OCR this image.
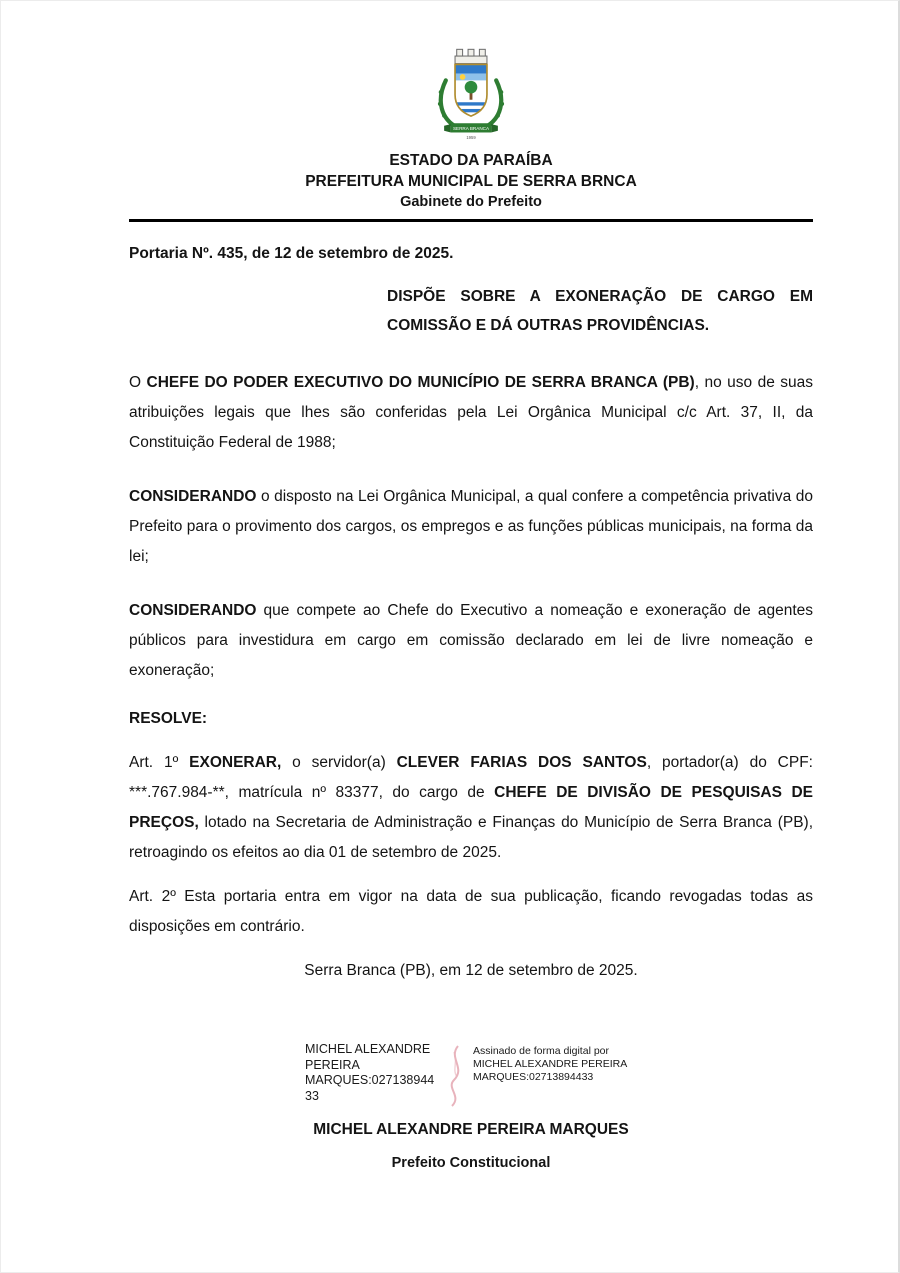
SERRA BRANCA
1959
ESTADO DA PARAÍBA
PREFEITURA MUNICIPAL DE SERRA BRNCA
Gabinete do Prefeito

Portaria Nº. 435, de 12 de setembro de 2025.

DISPÕE SOBRE A EXONERAÇÃO DE CARGO EM COMISSÃO E DÁ OUTRAS PROVIDÊNCIAS.

O CHEFE DO PODER EXECUTIVO DO MUNICÍPIO DE SERRA BRANCA (PB), no uso de suas atribuições legais que lhes são conferidas pela Lei Orgânica Municipal c/c Art. 37, II, da Constituição Federal de 1988;

CONSIDERANDO o disposto na Lei Orgânica Municipal, a qual confere a competência privativa do Prefeito para o provimento dos cargos, os empregos e as funções públicas municipais, na forma da lei;

CONSIDERANDO que compete ao Chefe do Executivo a nomeação e exoneração de agentes públicos para investidura em cargo em comissão declarado em lei de livre nomeação e exoneração;

RESOLVE:

Art. 1º EXONERAR, o servidor(a) CLEVER FARIAS DOS SANTOS, portador(a) do CPF: ***.767.984-**, matrícula nº 83377, do cargo de CHEFE DE DIVISÃO DE PESQUISAS DE PREÇOS, lotado na Secretaria de Administração e Finanças do Município de Serra Branca (PB), retroagindo os efeitos ao dia 01 de setembro de 2025.

Art. 2º Esta portaria entra em vigor na data de sua publicação, ficando revogadas todas as disposições em contrário.

Serra Branca (PB), em 12 de setembro de 2025.

MICHEL ALEXANDRE PEREIRA MARQUES:02713894433
Assinado de forma digital por MICHEL ALEXANDRE PEREIRA MARQUES:02713894433
MICHEL ALEXANDRE PEREIRA MARQUES
Prefeito Constitucional
